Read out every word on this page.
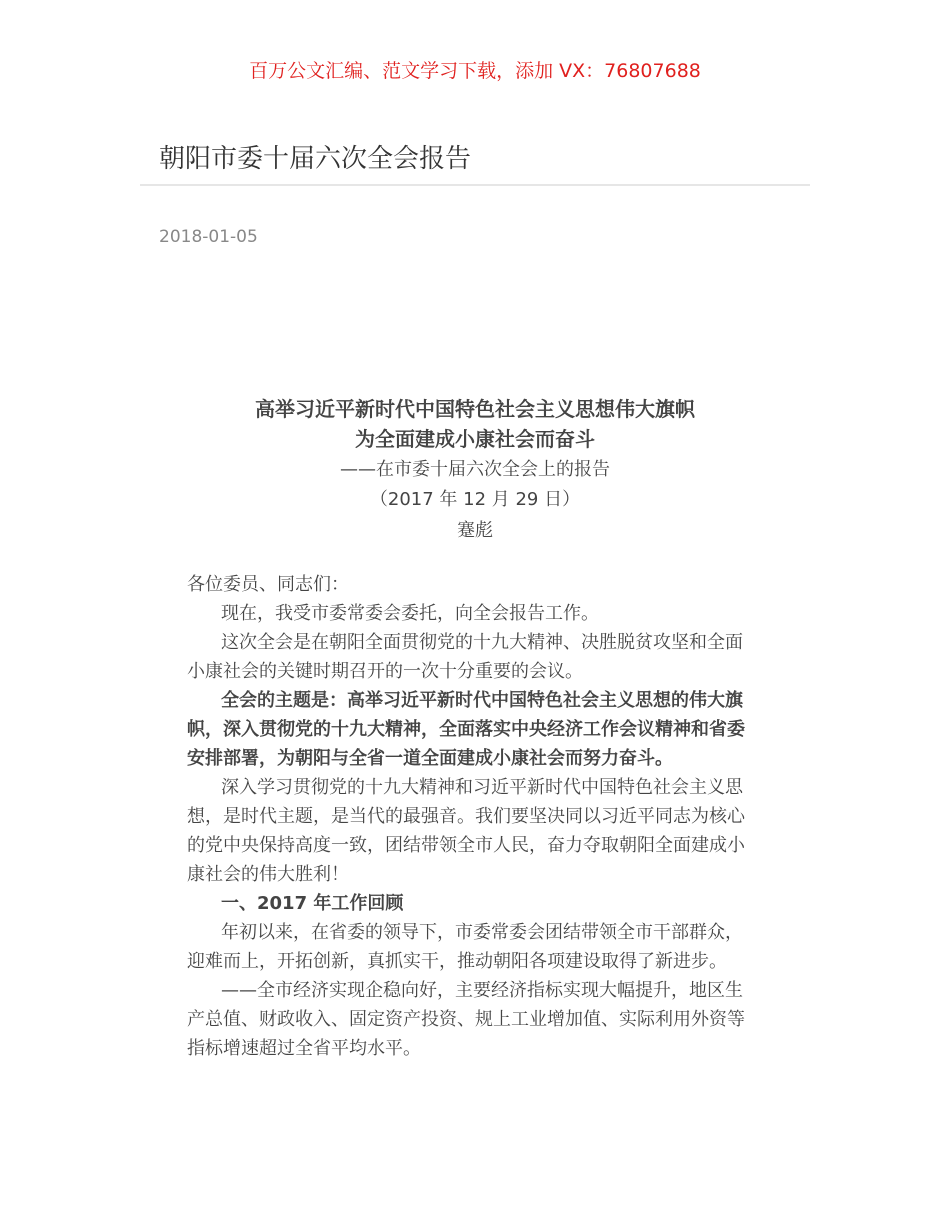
百万公文汇编、范文学习下载，添加 VX：76807688
朝阳市委十届六次全会报告
2018-01-05
高举习近平新时代中国特色社会主义思想伟大旗帜
为全面建成小康社会而奋斗
——在市委十届六次全会上的报告
（2017 年 12 月 29 日）
蹇彪
各位委员、同志们：
现在，我受市委常委会委托，向全会报告工作。
这次全会是在朝阳全面贯彻党的十九大精神、决胜脱贫攻坚和全面
小康社会的关键时期召开的一次十分重要的会议。
全会的主题是：高举习近平新时代中国特色社会主义思想的伟大旗
帜，深入贯彻党的十九大精神，全面落实中央经济工作会议精神和省委
安排部署，为朝阳与全省一道全面建成小康社会而努力奋斗。
深入学习贯彻党的十九大精神和习近平新时代中国特色社会主义思
想，是时代主题，是当代的最强音。我们要坚决同以习近平同志为核心
的党中央保持高度一致，团结带领全市人民，奋力夺取朝阳全面建成小
康社会的伟大胜利！
一、2017 年工作回顾
年初以来，在省委的领导下，市委常委会团结带领全市干部群众，
迎难而上，开拓创新，真抓实干，推动朝阳各项建设取得了新进步。
——全市经济实现企稳向好，主要经济指标实现大幅提升，地区生
产总值、财政收入、固定资产投资、规上工业增加值、实际利用外资等
指标增速超过全省平均水平。
